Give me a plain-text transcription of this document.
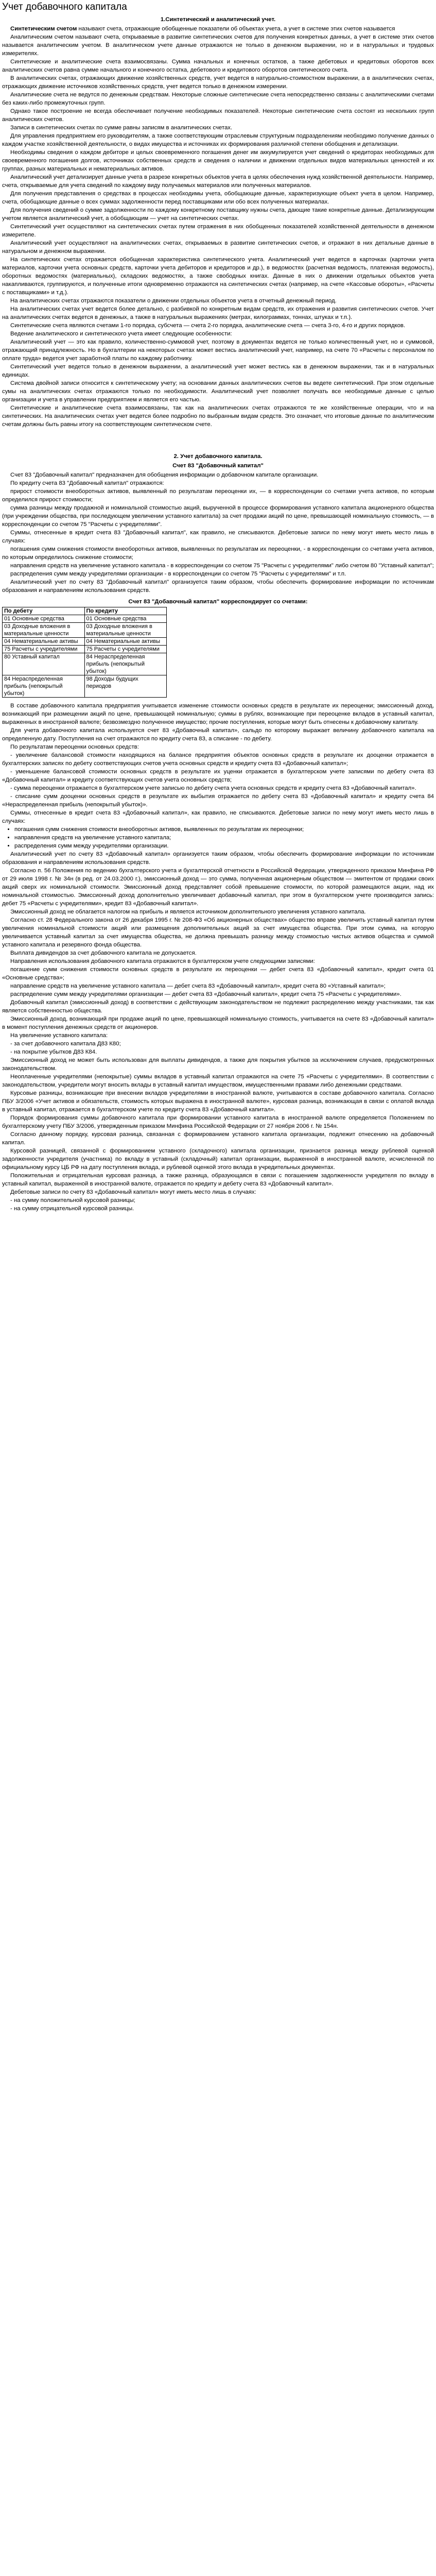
Учет добавочного капитала
1.Синтетический и аналитический учет.

Синтетическим счетом называют счета, отражающие обобщенные показатели об объектах учета, а учет в системе этих счетов называется

Аналитическим счетом называют счета, открываемые в развитие синтетических счетов для получения конкретных данных, а учет в системе этих счетов называется аналитическим учетом. В аналитическом учете данные отражаются не только в денежном выражении, но и в натуральных и трудовых измерителях.

Синтетические и аналитические счета взаимосвязаны. Сумма начальных и конечных остатков, а также дебетовых и кредитовых оборотов всех аналитических счетов равна сумме начального и конечного остатка, дебетового и кредитового оборотов синтетического счета.

В аналитических счетах, отражающих движение хозяйственных средств, учет ведется в натурально-стоимостном выражении, а в аналитических счетах, отражающих движение источников хозяйственных средств, учет ведется только в денежном измерении.

Аналитические счета не ведутся по денежным средствам. Некоторые сложные синтетические счета непосредственно связаны с аналитическими счетами без каких-либо промежуточных групп.

Однако такое построение не всегда обеспечивает получение необходимых показателей. Некоторые синтетические счета состоят из нескольких групп аналитических счетов.

Записи в синтетических счетах по сумме равны записям в аналитических счетах.

Для управления предприятием его руководителям, а также соответствующим отраслевым структурным подразделениям необходимо получение данных о каждом участке хозяйственной деятельности, о видах имущества и источниках их формирования различной степени обобщения и детализации.

Необходимы сведения о каждом дебиторе и целых своевременного погашения денег им аккумулируется учет сведений о кредиторах необходимых для своевременного погашения долгов, источниках собственных средств и сведения о наличии и движении отдельных видов материальных ценностей и их группах, разных материальных и нематериальных активов.

Аналитический учет детализирует данные учета в разрезе конкретных объектов учета в целях обеспечения нужд хозяйственной деятельности. Например, счета, открываемые для учета сведений по каждому виду получаемых материалов или полученных материалов.

Для получения представления о средствах в процессах необходимы учета, обобщающие данные, характеризующие объект учета в целом. Например, счета, обобщающие данные о всех суммах задолженности перед поставщиками или обо всех полученных материалах.

Для получения сведений о сумме задолженности по каждому конкретному поставщику нужны счета, дающие такие конкретные данные. Детализирующим учетом является аналитический учет, а обобщающим — учет на синтетических счетах.

Синтетический учет осуществляют на синтетических счетах путем отражения в них обобщенных показателей хозяйственной деятельности в денежном измерителе.

Аналитический учет осуществляют на аналитических счетах, открываемых в развитие синтетических счетов, и отражают в них детальные данные в натуральном и денежном выражении.

На синтетических счетах отражается обобщенная характеристика синтетического учета. Аналитический учет ведется в карточках (карточки учета материалов, карточки учета основных средств, карточки учета дебиторов и кредиторов и др.), в ведомостях (расчетная ведомость, платежная ведомость), оборотных ведомостях (материальных), складских ведомостях, а также свободных книгах. Данные в них о движении отдельных объектов учета накапливаются, группируются, и полученные итоги одновременно отражаются на синтетических счетах (например, на счете «Кассовые обороты», «Расчеты с поставщиками» и т.д.).

На аналитических счетах отражаются показатели о движении отдельных объектов учета в отчетный денежный период.

На аналитических счетах учет ведется более детально, с разбивкой по конкретным видам средств, их отражения и развития синтетических счетов. Учет на аналитических счетах ведется в денежных, а также в натуральных выражениях (метрах, килограммах, тоннах, штуках и т.п.).

Синтетические счета являются счетами 1-го порядка, субсчета — счета 2-го порядка, аналитические счета — счета 3-го, 4-го и других порядков.

Ведение аналитического и синтетического учета имеет следующие особенности:

Аналитический учет — это как правило, количественно-суммовой учет, поэтому в документах ведется не только количественный учет, но и суммовой, отражающий принадлежность. Но в бухгалтерии на некоторых счетах может вестись аналитический учет, например, на счете 70 «Расчеты с персоналом по оплате труда» ведется учет заработной платы по каждому работнику.

Синтетический учет ведется только в денежном выражении, а аналитический учет может вестись как в денежном выражении, так и в натуральных единицах.

Система двойной записи относится к синтетическому учету; на основании данных аналитических счетов вы ведете синтетический. При этом отдельные сумы на аналитических счетах отражаются только по необходимости. Аналитический учет позволяет получать все необходимые данные с целью организации и учета в управлении предприятием и является его частью.

Синтетические и аналитические счета взаимосвязаны, так как на аналитических счетах отражаются те же хозяйственные операции, что и на синтетических. На аналитических счетах учет ведется более подробно по выбранным видам средств. Это означает, что итоговые данные по аналитическим счетам должны быть равны итогу на соответствующем синтетическом счете.

2. Учет добавочного капитала.
Счет 83 "Добавочный капитал"

Счет 83 "Добавочный капитал" предназначен для обобщения информации о добавочном капитале организации.

По кредиту счета 83 "Добавочный капитал" отражаются:

прирост стоимости внеоборотных активов, выявленный по результатам переоценки их, — в корреспонденции со счетами учета активов, по которым определился прирост стоимости;

сумма разницы между продажной и номинальной стоимостью акций, вырученной в процессе формирования уставного капитала акционерного общества (при учреждении общества, при последующем увеличении уставного капитала) за счет продажи акций по цене, превышающей номинальную стоимость, — в корреспонденции со счетом 75 "Расчеты с учредителями".

Суммы, отнесенные в кредит счета 83 "Добавочный капитал", как правило, не списываются. Дебетовые записи по нему могут иметь место лишь в случаях:

погашения сумм снижения стоимости внеоборотных активов, выявленных по результатам их переоценки, - в корреспонденции со счетами учета активов, по которым определилось снижение стоимости;

направления средств на увеличение уставного капитала - в корреспонденции со счетом 75 "Расчеты с учредителями" либо счетом 80 "Уставный капитал";

распределения сумм между учредителями организации - в корреспонденции со счетом 75 "Расчеты с учредителями" и т.п.

Аналитический учет по счету 83 "Добавочный капитал" организуется таким образом, чтобы обеспечить формирование информации по источникам образования и направлениям использования средств.

Счет 83 "Добавочный капитал" корреспондирует со счетами:
По дебету	По кредиту
01 Основные средства	01 Основные средства
03 Доходные вложения в материальные ценности	03 Доходные вложения в материальные ценности
04 Нематериальные активы	04 Нематериальные активы
75 Расчеты с учредителями	75 Расчеты с учредителями
80 Уставный капитал	84 Нераспределенная прибыль (непокрытый убыток)
84 Нераспределенная прибыль (непокрытый убыток)	98 Доходы будущих периодов

В составе добавочного капитала предприятия учитывается изменение стоимости основных средств в результате их переоценки; эмиссионный доход, возникающий при размещении акций по цене, превышающей номинальную; суммы в рублях, возникающие при переоценке вкладов в уставный капитал, выраженных в иностранной валюте; безвозмездно полученное имущество; прочие поступления, которые могут быть отнесены к добавочному капиталу.

Для учета добавочного капитала используется счет 83 «Добавочный капитал», сальдо по которому выражает величину добавочного капитала на определенную дату. Поступления на счет отражаются по кредиту счета 83, а списание - по дебету.

По результатам переоценки основных средств:

- увеличение балансовой стоимости находящихся на балансе предприятия объектов основных средств в результате их дооценки отражается в бухгалтерских записях по дебету соответствующих счетов учета основных средств и кредиту счета 83 «Добавочный капитал»;

- уменьшение балансовой стоимости основных средств в результате их уценки отражается в бухгалтерском учете записями по дебету счета 83 «Добавочный капитал» и кредиту соответствующих счетов учета основных средств;

- сумма переоценки отражается в бухгалтерском учете записью по дебету счета учета основных средств и кредиту счета 83 «Добавочный капитал».

- списание сумм дооценки основных средств в результате их выбытия отражается по дебету счета 83 «Добавочный капитал» и кредиту счета 84 «Нераспределенная прибыль (непокрытый убыток)».

Суммы, отнесенные в кредит счета 83 «Добавочный капитал», как правило, не списываются. Дебетовые записи по нему могут иметь место лишь в случаях:

• погашения сумм снижения стоимости внеоборотных активов, выявленных по результатам их переоценки;
• направления средств на увеличение уставного капитала;
• распределения сумм между учредителями организации.

Аналитический учет по счету 83 «Добавочный капитал» организуется таким образом, чтобы обеспечить формирование информации по источникам образования и направлениям использования средств.

Согласно п. 56 Положения по ведению бухгалтерского учета и бухгалтерской отчетности в Российской Федерации, утвержденного приказом Минфина РФ от 29 июля 1998 г. № 34н (в ред. от 24.03.2000 г.), эмиссионный доход — это сумма, полученная акционерным обществом — эмитентом от продажи своих акций сверх их номинальной стоимости. Эмиссионный доход представляет собой превышение стоимости, по которой размещаются акции, над их номинальной стоимостью. Эмиссионный доход дополнительно увеличивает добавочный капитал, при этом в бухгалтерском учете производится запись: дебет 75 «Расчеты с учредителями», кредит 83 «Добавочный капитал».

Эмиссионный доход не облагается налогом на прибыль и является источником дополнительного увеличения уставного капитала.

Согласно ст. 28 Федерального закона от 26 декабря 1995 г. № 208-ФЗ «Об акционерных обществах» общество вправе увеличить уставный капитал путем увеличения номинальной стоимости акций или размещения дополнительных акций за счет имущества общества. При этом сумма, на которую увеличивается уставный капитал за счет имущества общества, не должна превышать разницу между стоимостью чистых активов общества и суммой уставного капитала и резервного фонда общества.

Выплата дивидендов за счет добавочного капитала не допускается.

Направления использования добавочного капитала отражаются в бухгалтерском учете следующими записями:

погашение сумм снижения стоимости основных средств в результате их переоценки — дебет счета 83 «Добавочный капитал», кредит счета 01 «Основные средства»;

направление средств на увеличение уставного капитала — дебет счета 83 «Добавочный капитал», кредит счета 80 «Уставный капитал»;

распределение сумм между учредителями организации — дебет счета 83 «Добавочный капитал», кредит счета 75 «Расчеты с учредителями».

Добавочный капитал (эмиссионный доход) в соответствии с действующим законодательством не подлежит распределению между участниками, так как является собственностью общества.

Эмиссионный доход, возникающий при продаже акций по цене, превышающей номинальную стоимость, учитывается на счете 83 «Добавочный капитал» в момент поступления денежных средств от акционеров.

На увеличение уставного капитала:

- за счет добавочного капитала Д83 К80;

- на покрытие убытков Д83 К84.

Эмиссионный доход не может быть использован для выплаты дивидендов, а также для покрытия убытков за исключением случаев, предусмотренных законодательством.

Неоплаченные учредителями (непокрытые) суммы вкладов в уставный капитал отражаются на счете 75 «Расчеты с учредителями». В соответствии с законодательством, учредители могут вносить вклады в уставный капитал имуществом, имущественными правами либо денежными средствами.

Курсовые разницы, возникающие при внесении вкладов учредителями в иностранной валюте, учитываются в составе добавочного капитала. Согласно ПБУ 3/2006 «Учет активов и обязательств, стоимость которых выражена в иностранной валюте», курсовая разница, возникающая в связи с оплатой вклада в уставный капитал, отражается в бухгалтерском учете по кредиту счета 83 «Добавочный капитал».

Порядок формирования суммы добавочного капитала при формировании уставного капитала в иностранной валюте определяется Положением по бухгалтерскому учету ПБУ 3/2006, утвержденным приказом Минфина Российской Федерации от 27 ноября 2006 г. № 154н.

Согласно данному порядку, курсовая разница, связанная с формированием уставного капитала организации, подлежит отнесению на добавочный капитал.

Курсовой разницей, связанной с формированием уставного (складочного) капитала организации, признается разница между рублевой оценкой задолженности учредителя (участника) по вкладу в уставный (складочный) капитал организации, выраженной в иностранной валюте, исчисленной по официальному курсу ЦБ РФ на дату поступления вклада, и рублевой оценкой этого вклада в учредительных документах.

Положительная и отрицательная курсовая разница, а также разница, образующаяся в связи с погашением задолженности учредителя по вкладу в уставный капитал, выраженной в иностранной валюте, отражается по кредиту и дебету счета 83 «Добавочный капитал».

Дебетовые записи по счету 83 «Добавочный капитал» могут иметь место лишь в случаях:

- на сумму положительной курсовой разницы;

- на сумму отрицательной курсовой разницы.
